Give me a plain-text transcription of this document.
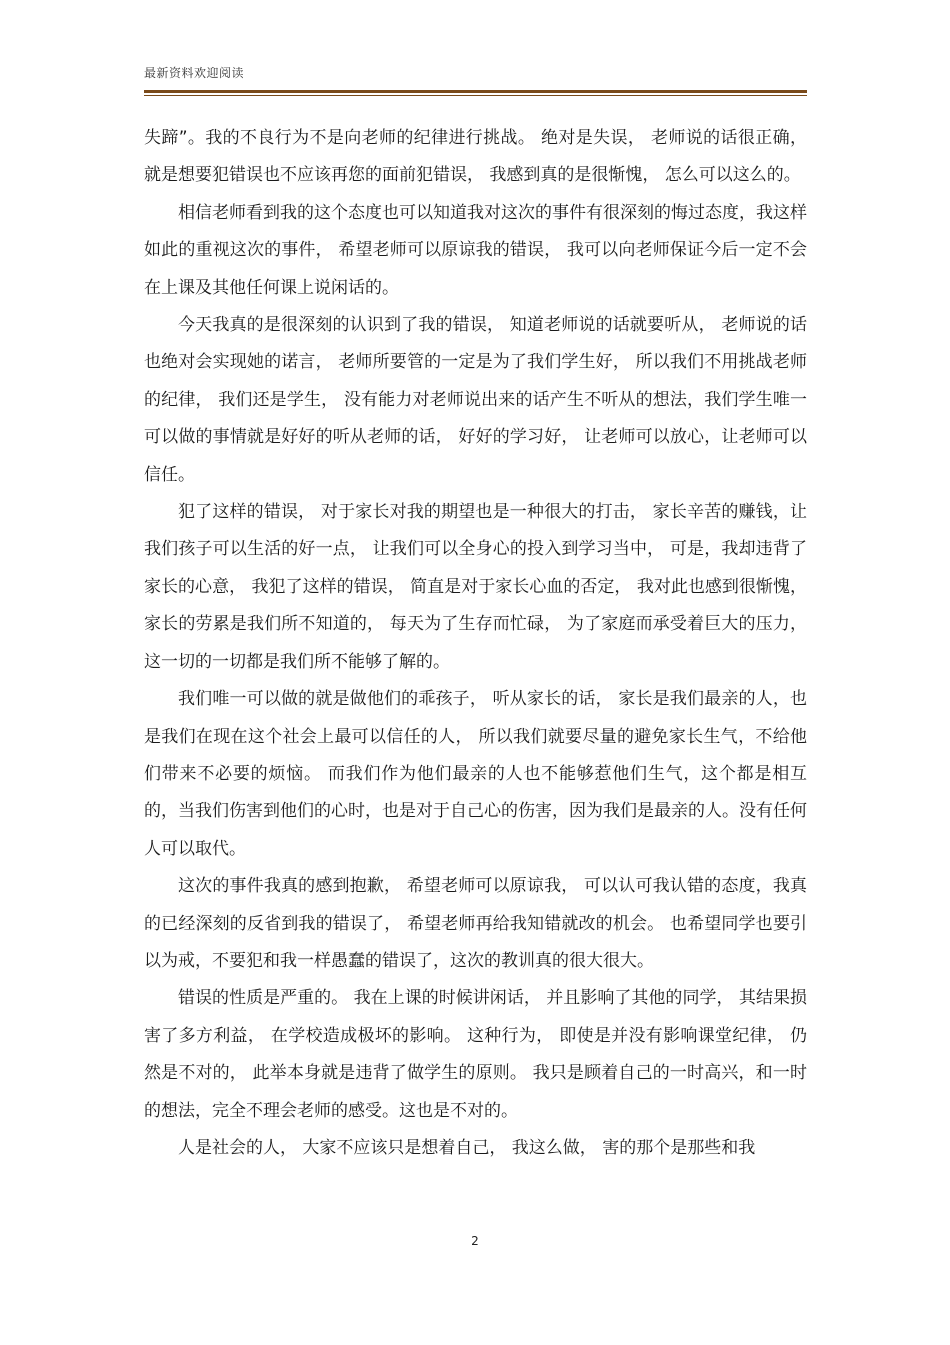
最新资料欢迎阅读

失蹄”。我的不良行为不是向老师的纪律进行挑战。 绝对是失误， 老师说的话很正确，就是想要犯错误也不应该再您的面前犯错误， 我感到真的是很惭愧， 怎么可以这么的。

相信老师看到我的这个态度也可以知道我对这次的事件有很深刻的悔过态度，我这样如此的重视这次的事件， 希望老师可以原谅我的错误， 我可以向老师保证今后一定不会在上课及其他任何课上说闲话的。

今天我真的是很深刻的认识到了我的错误， 知道老师说的话就要听从， 老师说的话也绝对会实现她的诺言， 老师所要管的一定是为了我们学生好， 所以我们不用挑战老师的纪律， 我们还是学生， 没有能力对老师说出来的话产生不听从的想法，我们学生唯一可以做的事情就是好好的听从老师的话， 好好的学习好， 让老师可以放心，让老师可以信任。

犯了这样的错误， 对于家长对我的期望也是一种很大的打击， 家长辛苦的赚钱，让我们孩子可以生活的好一点， 让我们可以全身心的投入到学习当中， 可是，我却违背了家长的心意， 我犯了这样的错误， 简直是对于家长心血的否定， 我对此也感到很惭愧， 家长的劳累是我们所不知道的， 每天为了生存而忙碌， 为了家庭而承受着巨大的压力，这一切的一切都是我们所不能够了解的。

我们唯一可以做的就是做他们的乖孩子， 听从家长的话， 家长是我们最亲的人，也是我们在现在这个社会上最可以信任的人， 所以我们就要尽量的避免家长生气，不给他们带来不必要的烦恼。 而我们作为他们最亲的人也不能够惹他们生气，这个都是相互的，当我们伤害到他们的心时，也是对于自己心的伤害，因为我们是最亲的人。没有任何人可以取代。

这次的事件我真的感到抱歉， 希望老师可以原谅我， 可以认可我认错的态度，我真的已经深刻的反省到我的错误了， 希望老师再给我知错就改的机会。 也希望同学也要引以为戒，不要犯和我一样愚蠢的错误了，这次的教训真的很大很大。

错误的性质是严重的。 我在上课的时候讲闲话， 并且影响了其他的同学， 其结果损害了多方利益， 在学校造成极坏的影响。 这种行为， 即使是并没有影响课堂纪律， 仍然是不对的， 此举本身就是违背了做学生的原则。 我只是顾着自己的一时高兴，和一时的想法，完全不理会老师的感受。这也是不对的。

人是社会的人， 大家不应该只是想着自己， 我这么做， 害的那个是那些和我

2
